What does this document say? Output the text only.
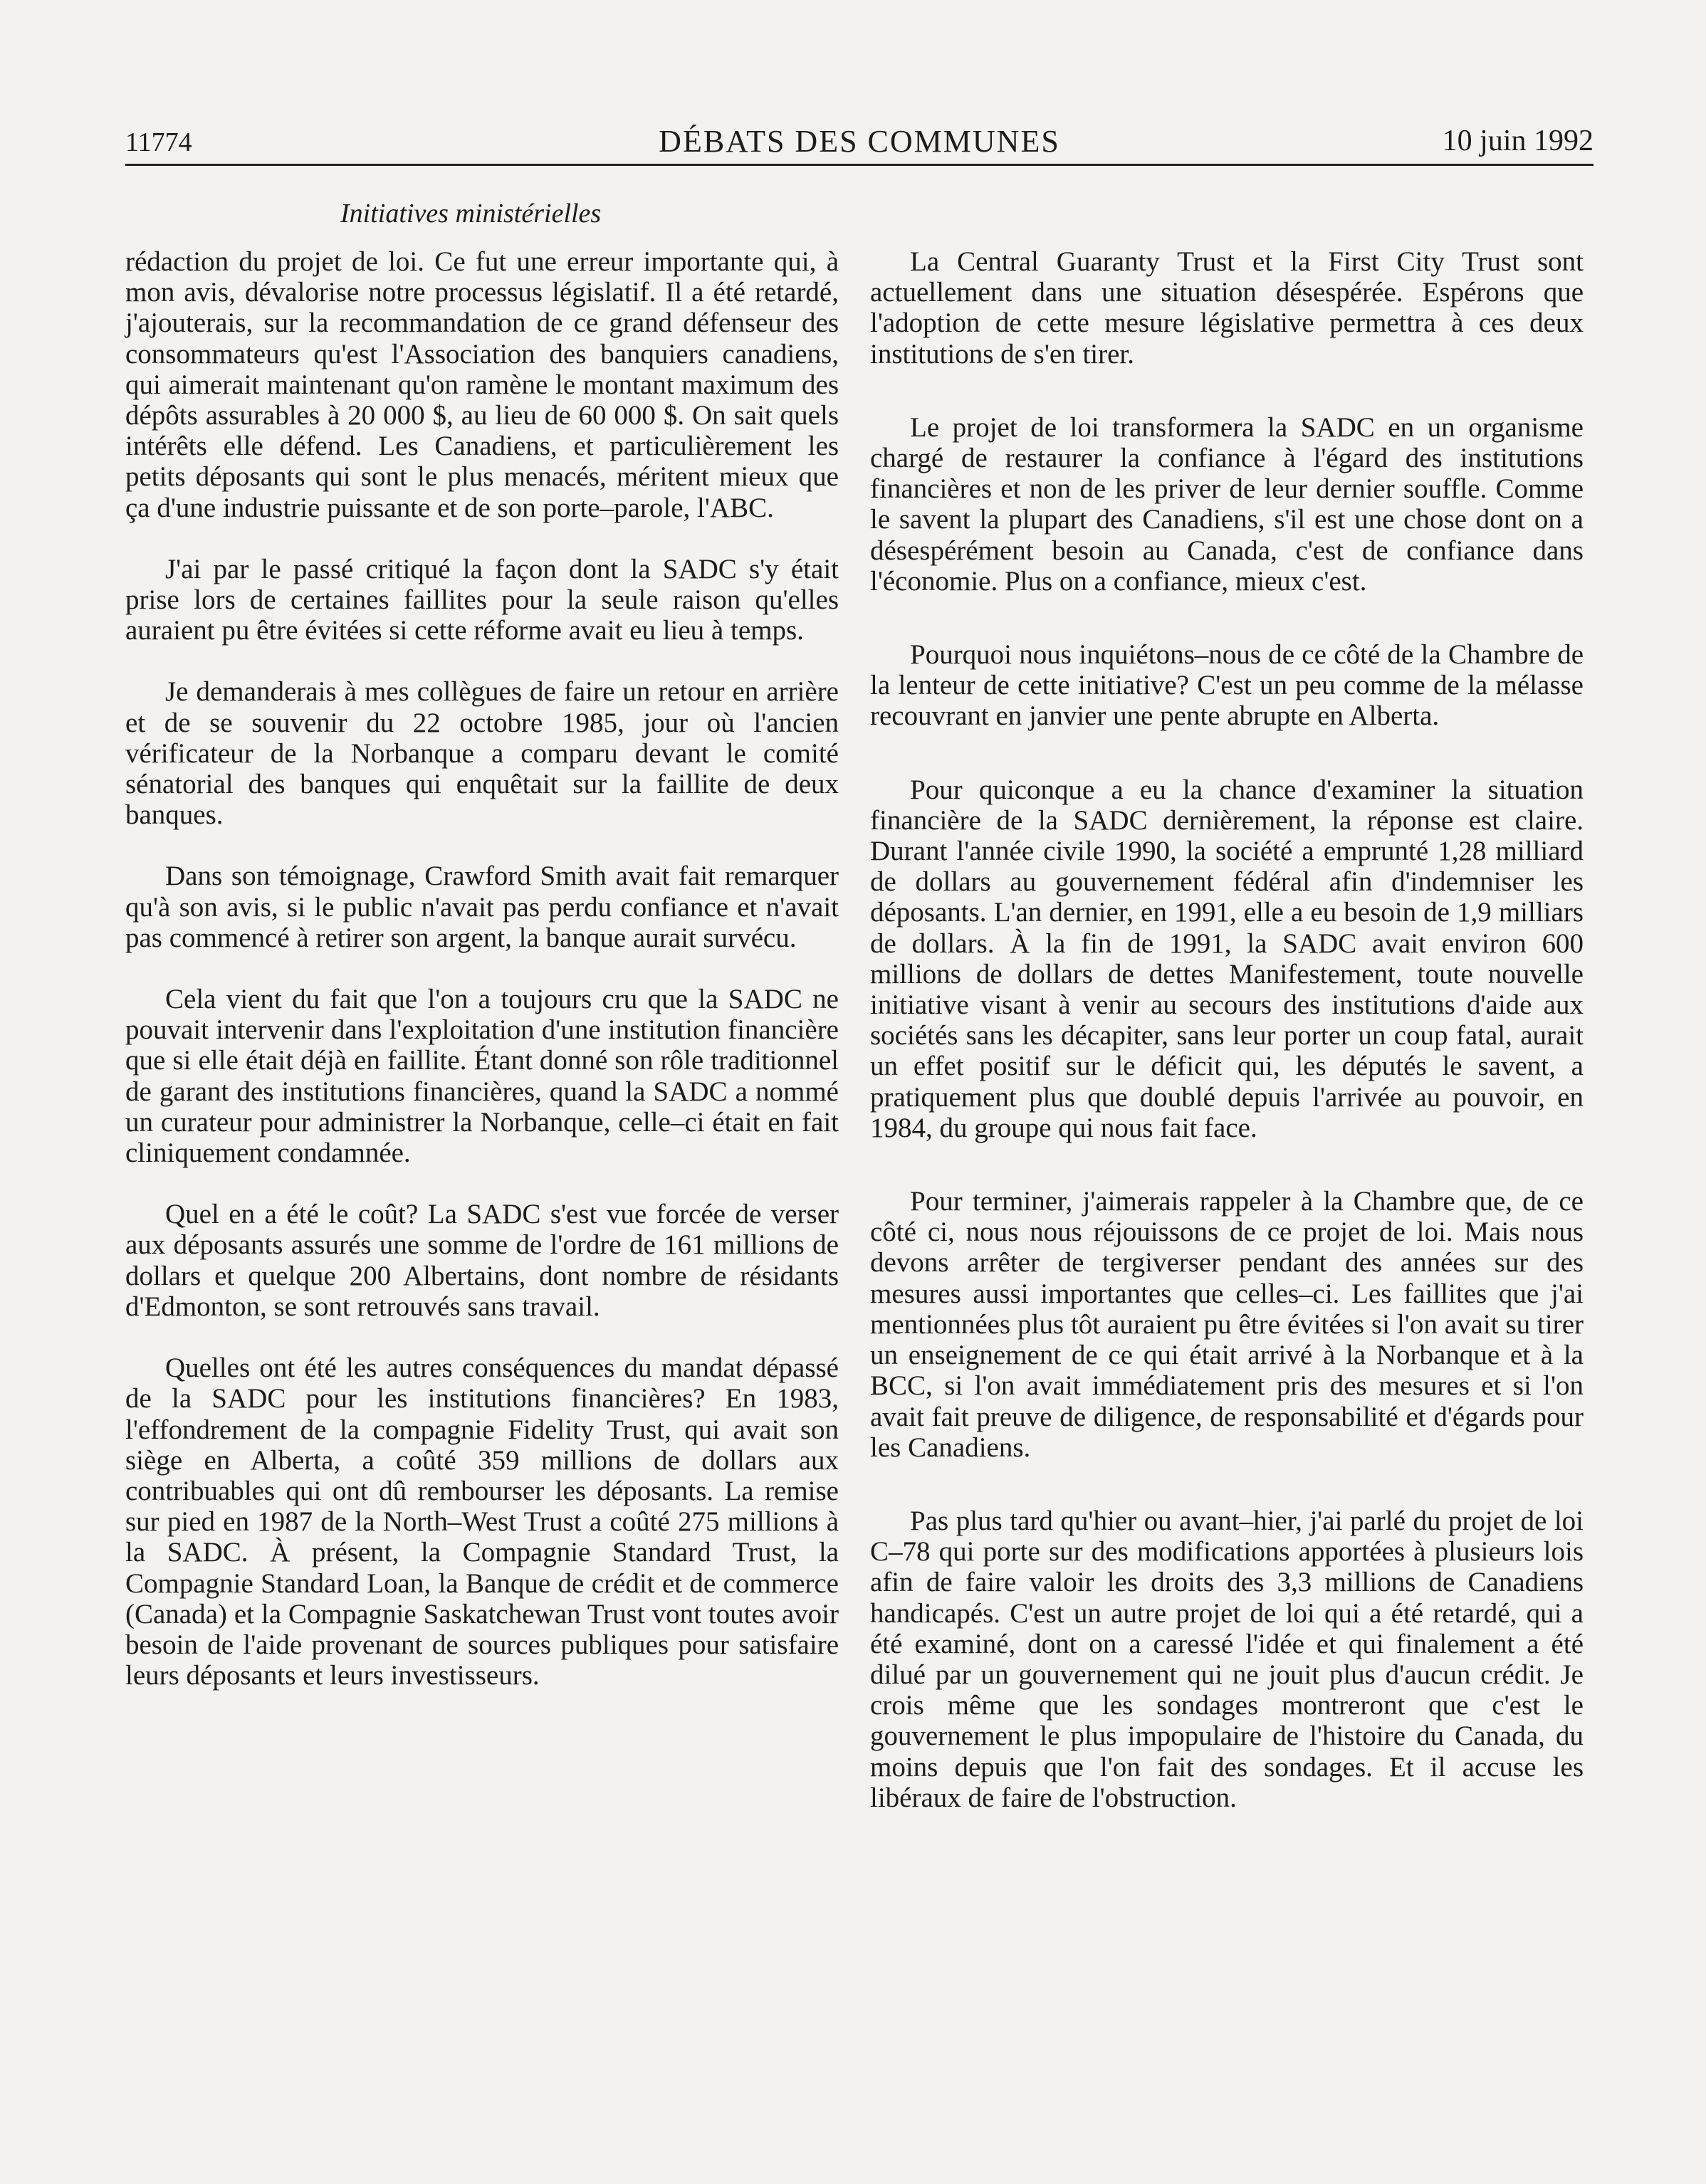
11774	DÉBATS DES COMMUNES	10 juin 1992
Initiatives ministérielles

rédaction du projet de loi. Ce fut une erreur importante qui, à mon avis, dévalorise notre processus législatif. Il a été retardé, j'ajouterais, sur la recommandation de ce grand défenseur des consommateurs qu'est l'Association des banquiers canadiens, qui aimerait maintenant qu'on ramène le montant maximum des dépôts assurables à 20 000 $, au lieu de 60 000 $. On sait quels intérêts elle défend. Les Canadiens, et particulièrement les petits déposants qui sont le plus menacés, méritent mieux que ça d'une industrie puissante et de son porte–parole, l'ABC.

J'ai par le passé critiqué la façon dont la SADC s'y était prise lors de certaines faillites pour la seule raison qu'elles auraient pu être évitées si cette réforme avait eu lieu à temps.

Je demanderais à mes collègues de faire un retour en arrière et de se souvenir du 22 octobre 1985, jour où l'ancien vérificateur de la Norbanque a comparu devant le comité sénatorial des banques qui enquêtait sur la faillite de deux banques.

Dans son témoignage, Crawford Smith avait fait remarquer qu'à son avis, si le public n'avait pas perdu confiance et n'avait pas commencé à retirer son argent, la banque aurait survécu.

Cela vient du fait que l'on a toujours cru que la SADC ne pouvait intervenir dans l'exploitation d'une institution financière que si elle était déjà en faillite. Étant donné son rôle traditionnel de garant des institutions financières, quand la SADC a nommé un curateur pour administrer la Norbanque, celle–ci était en fait cliniquement condamnée.

Quel en a été le coût? La SADC s'est vue forcée de verser aux déposants assurés une somme de l'ordre de 161 millions de dollars et quelque 200 Albertains, dont nombre de résidants d'Edmonton, se sont retrouvés sans travail.

Quelles ont été les autres conséquences du mandat dépassé de la SADC pour les institutions financières? En 1983, l'effondrement de la compagnie Fidelity Trust, qui avait son siège en Alberta, a coûté 359 millions de dollars aux contribuables qui ont dû rembourser les déposants. La remise sur pied en 1987 de la North–West Trust a coûté 275 millions à la SADC. À présent, la Compagnie Standard Trust, la Compagnie Standard Loan, la Banque de crédit et de commerce (Canada) et la Compagnie Saskatchewan Trust vont toutes avoir besoin de l'aide provenant de sources publiques pour satisfaire leurs déposants et leurs investisseurs.

La Central Guaranty Trust et la First City Trust sont actuellement dans une situation désespérée. Espérons que l'adoption de cette mesure législative permettra à ces deux institutions de s'en tirer.

Le projet de loi transformera la SADC en un organisme chargé de restaurer la confiance à l'égard des institutions financières et non de les priver de leur dernier souffle. Comme le savent la plupart des Canadiens, s'il est une chose dont on a désespérément besoin au Canada, c'est de confiance dans l'économie. Plus on a confiance, mieux c'est.

Pourquoi nous inquiétons–nous de ce côté de la Chambre de la lenteur de cette initiative? C'est un peu comme de la mélasse recouvrant en janvier une pente abrupte en Alberta.

Pour quiconque a eu la chance d'examiner la situation financière de la SADC dernièrement, la réponse est claire. Durant l'année civile 1990, la société a emprunté 1,28 milliard de dollars au gouvernement fédéral afin d'indemniser les déposants. L'an dernier, en 1991, elle a eu besoin de 1,9 milliars de dollars. À la fin de 1991, la SADC avait environ 600 millions de dollars de dettes Manifestement, toute nouvelle initiative visant à venir au secours des institutions d'aide aux sociétés sans les décapiter, sans leur porter un coup fatal, aurait un effet positif sur le déficit qui, les députés le savent, a pratiquement plus que doublé depuis l'arrivée au pouvoir, en 1984, du groupe qui nous fait face.

Pour terminer, j'aimerais rappeler à la Chambre que, de ce côté ci, nous nous réjouissons de ce projet de loi. Mais nous devons arrêter de tergiverser pendant des années sur des mesures aussi importantes que celles–ci. Les faillites que j'ai mentionnées plus tôt auraient pu être évitées si l'on avait su tirer un enseignement de ce qui était arrivé à la Norbanque et à la BCC, si l'on avait immédiatement pris des mesures et si l'on avait fait preuve de diligence, de responsabilité et d'égards pour les Canadiens.

Pas plus tard qu'hier ou avant–hier, j'ai parlé du projet de loi C–78 qui porte sur des modifications apportées à plusieurs lois afin de faire valoir les droits des 3,3 millions de Canadiens handicapés. C'est un autre projet de loi qui a été retardé, qui a été examiné, dont on a caressé l'idée et qui finalement a été dilué par un gouvernement qui ne jouit plus d'aucun crédit. Je crois même que les sondages montreront que c'est le gouvernement le plus impopulaire de l'histoire du Canada, du moins depuis que l'on fait des sondages. Et il accuse les libéraux de faire de l'obstruction.
